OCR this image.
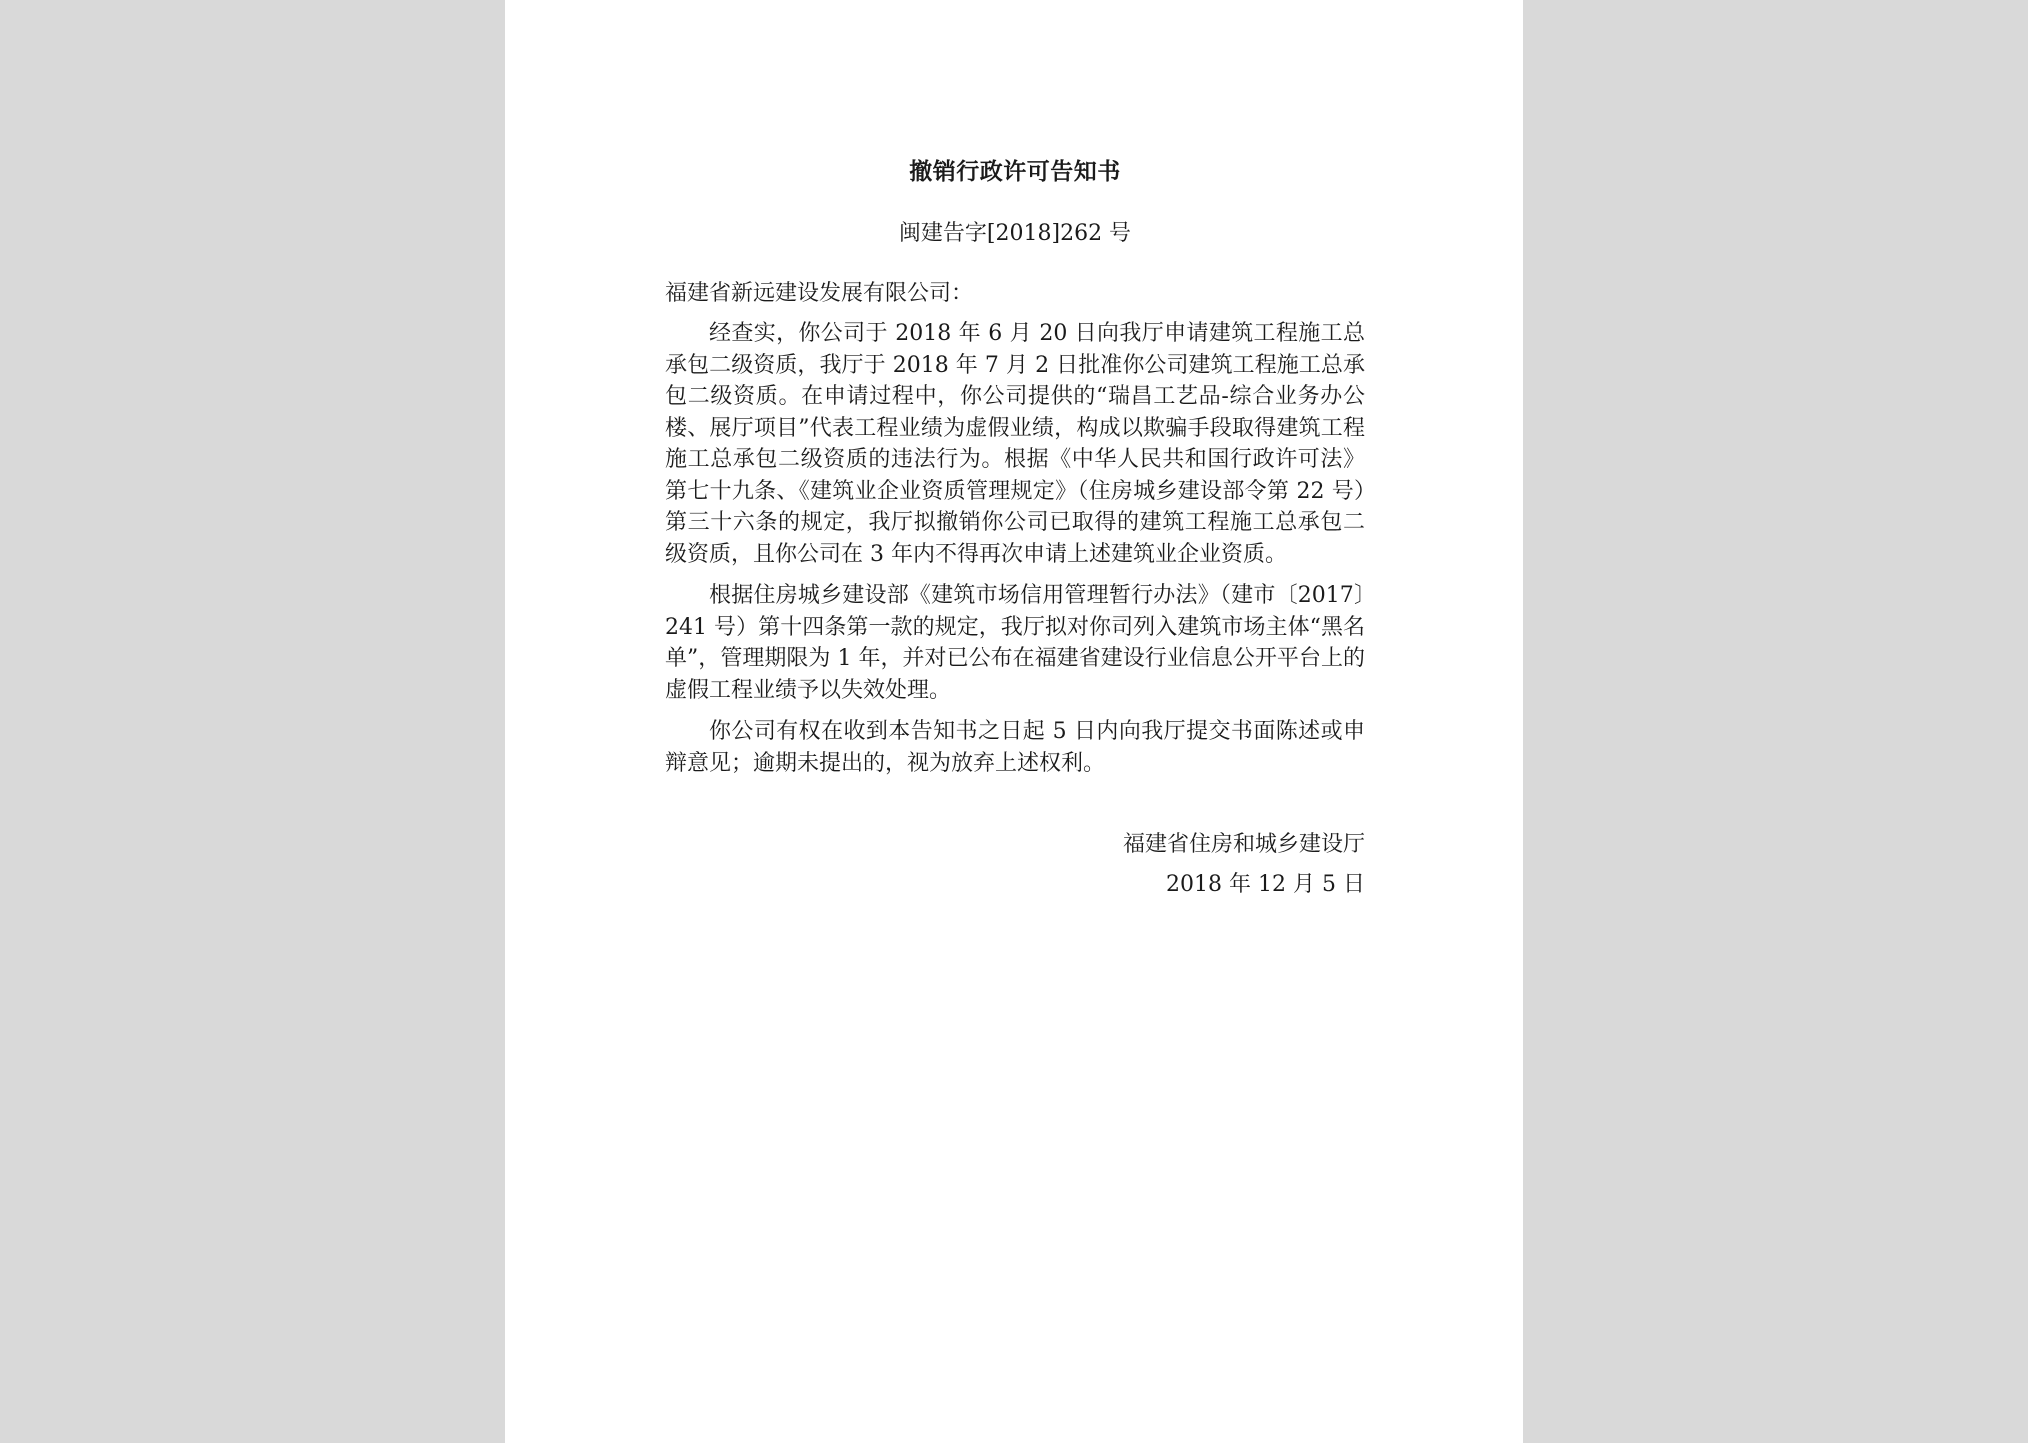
撤销行政许可告知书
闽建告字[2018]262 号
福建省新远建设发展有限公司：

经查实，你公司于 2018 年 6 月 20 日向我厅申请建筑工程施工总承包二级资质，我厅于 2018 年 7 月 2 日批准你公司建筑工程施工总承包二级资质。在申请过程中，你公司提供的“瑞昌工艺品-综合业务办公楼、展厅项目”代表工程业绩为虚假业绩，构成以欺骗手段取得建筑工程施工总承包二级资质的违法行为。根据《中华人民共和国行政许可法》第七十九条、《建筑业企业资质管理规定》（住房城乡建设部令第 22 号）第三十六条的规定，我厅拟撤销你公司已取得的建筑工程施工总承包二级资质，且你公司在 3 年内不得再次申请上述建筑业企业资质。

根据住房城乡建设部《建筑市场信用管理暂行办法》（建市〔2017〕241 号）第十四条第一款的规定，我厅拟对你司列入建筑市场主体“黑名单”，管理期限为 1 年，并对已公布在福建省建设行业信息公开平台上的虚假工程业绩予以失效处理。

你公司有权在收到本告知书之日起 5 日内向我厅提交书面陈述或申辩意见；逾期未提出的，视为放弃上述权利。

福建省住房和城乡建设厅
2018 年 12 月 5 日
